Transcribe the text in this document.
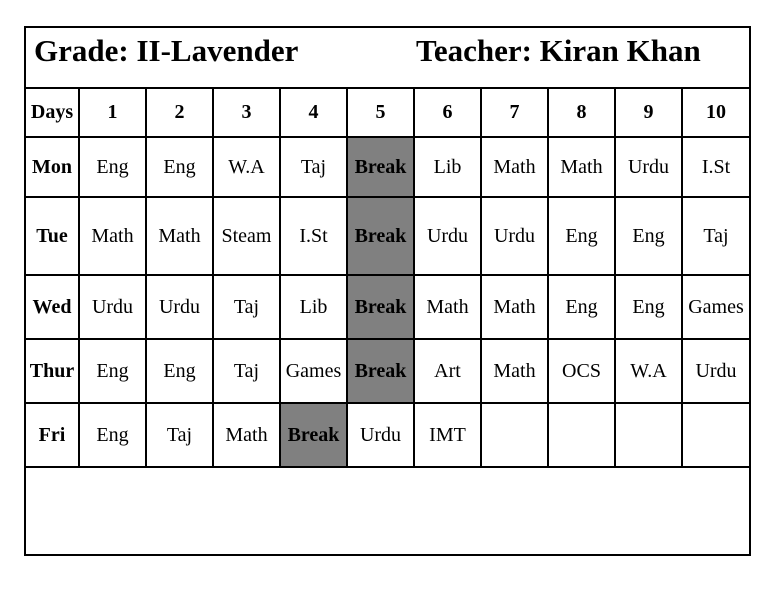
Grade: II-Lavender	Teacher: Kiran Khan
Days	1	2	3	4	5	6	7	8	9	10
Mon	Eng	Eng	W.A	Taj	Break	Lib	Math	Math	Urdu	I.St
Tue	Math	Math	Steam	I.St	Break	Urdu	Urdu	Eng	Eng	Taj
Wed	Urdu	Urdu	Taj	Lib	Break	Math	Math	Eng	Eng	Games
Thur	Eng	Eng	Taj	Games	Break	Art	Math	OCS	W.A	Urdu
Fri	Eng	Taj	Math	Break	Urdu	IMT				
